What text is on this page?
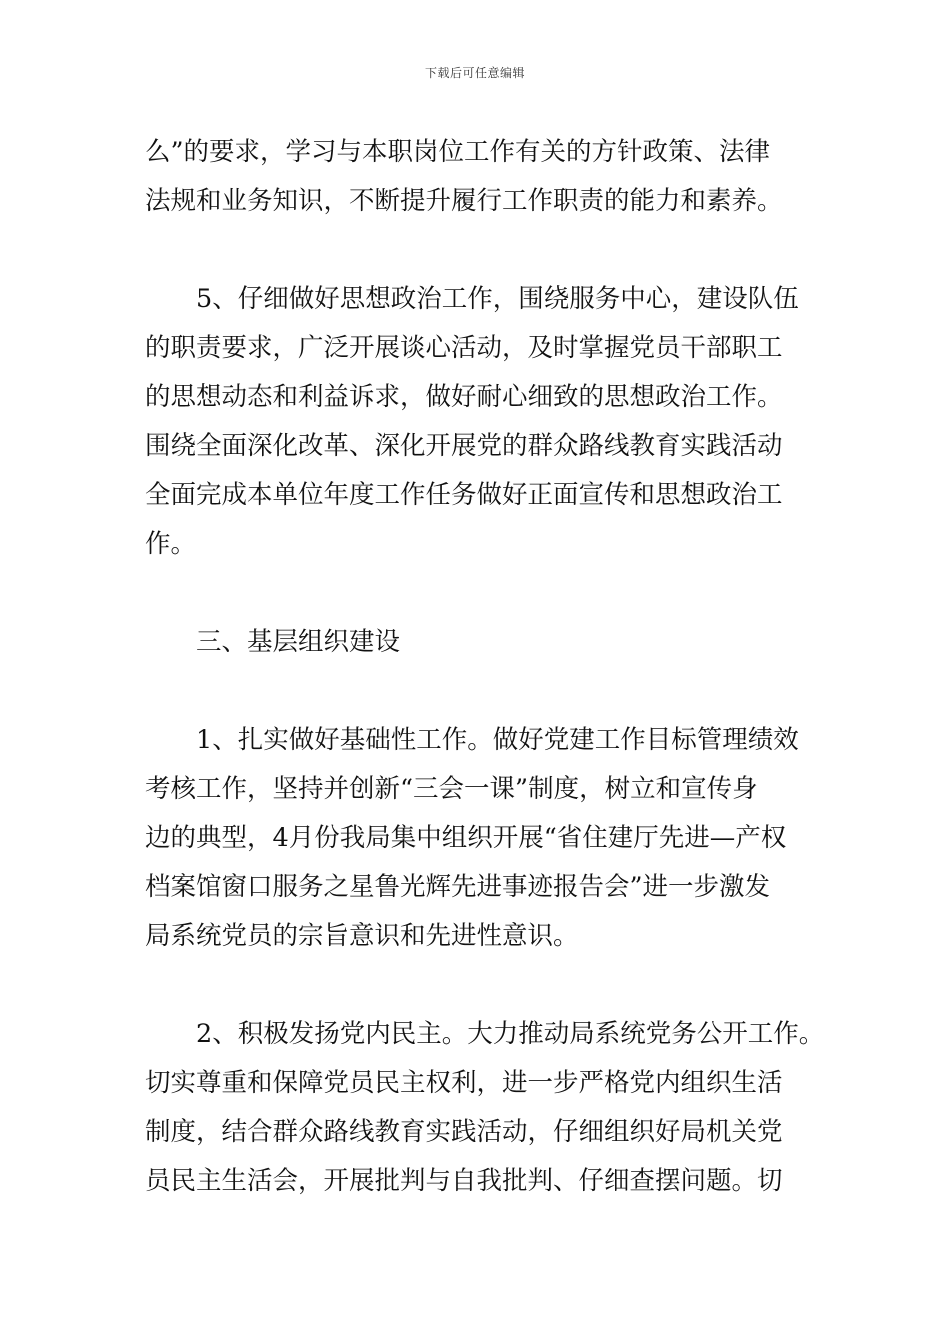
下载后可任意编辑
么”的要求，学习与本职岗位工作有关的方针政策、法律
法规和业务知识，不断提升履行工作职责的能力和素养。
5、仔细做好思想政治工作，围绕服务中心，建设队伍
的职责要求，广泛开展谈心活动，及时掌握党员干部职工
的思想动态和利益诉求，做好耐心细致的思想政治工作。
围绕全面深化改革、深化开展党的群众路线教育实践活动
全面完成本单位年度工作任务做好正面宣传和思想政治工
作。
三、基层组织建设
1、扎实做好基础性工作。做好党建工作目标管理绩效
考核工作，坚持并创新“三会一课”制度，树立和宣传身
边的典型，4月份我局集中组织开展“省住建厅先进—产权
档案馆窗口服务之星鲁光辉先进事迹报告会”进一步激发
局系统党员的宗旨意识和先进性意识。
2、积极发扬党内民主。大力推动局系统党务公开工作。
切实尊重和保障党员民主权利，进一步严格党内组织生活
制度，结合群众路线教育实践活动，仔细组织好局机关党
员民主生活会，开展批判与自我批判、仔细查摆问题。切
